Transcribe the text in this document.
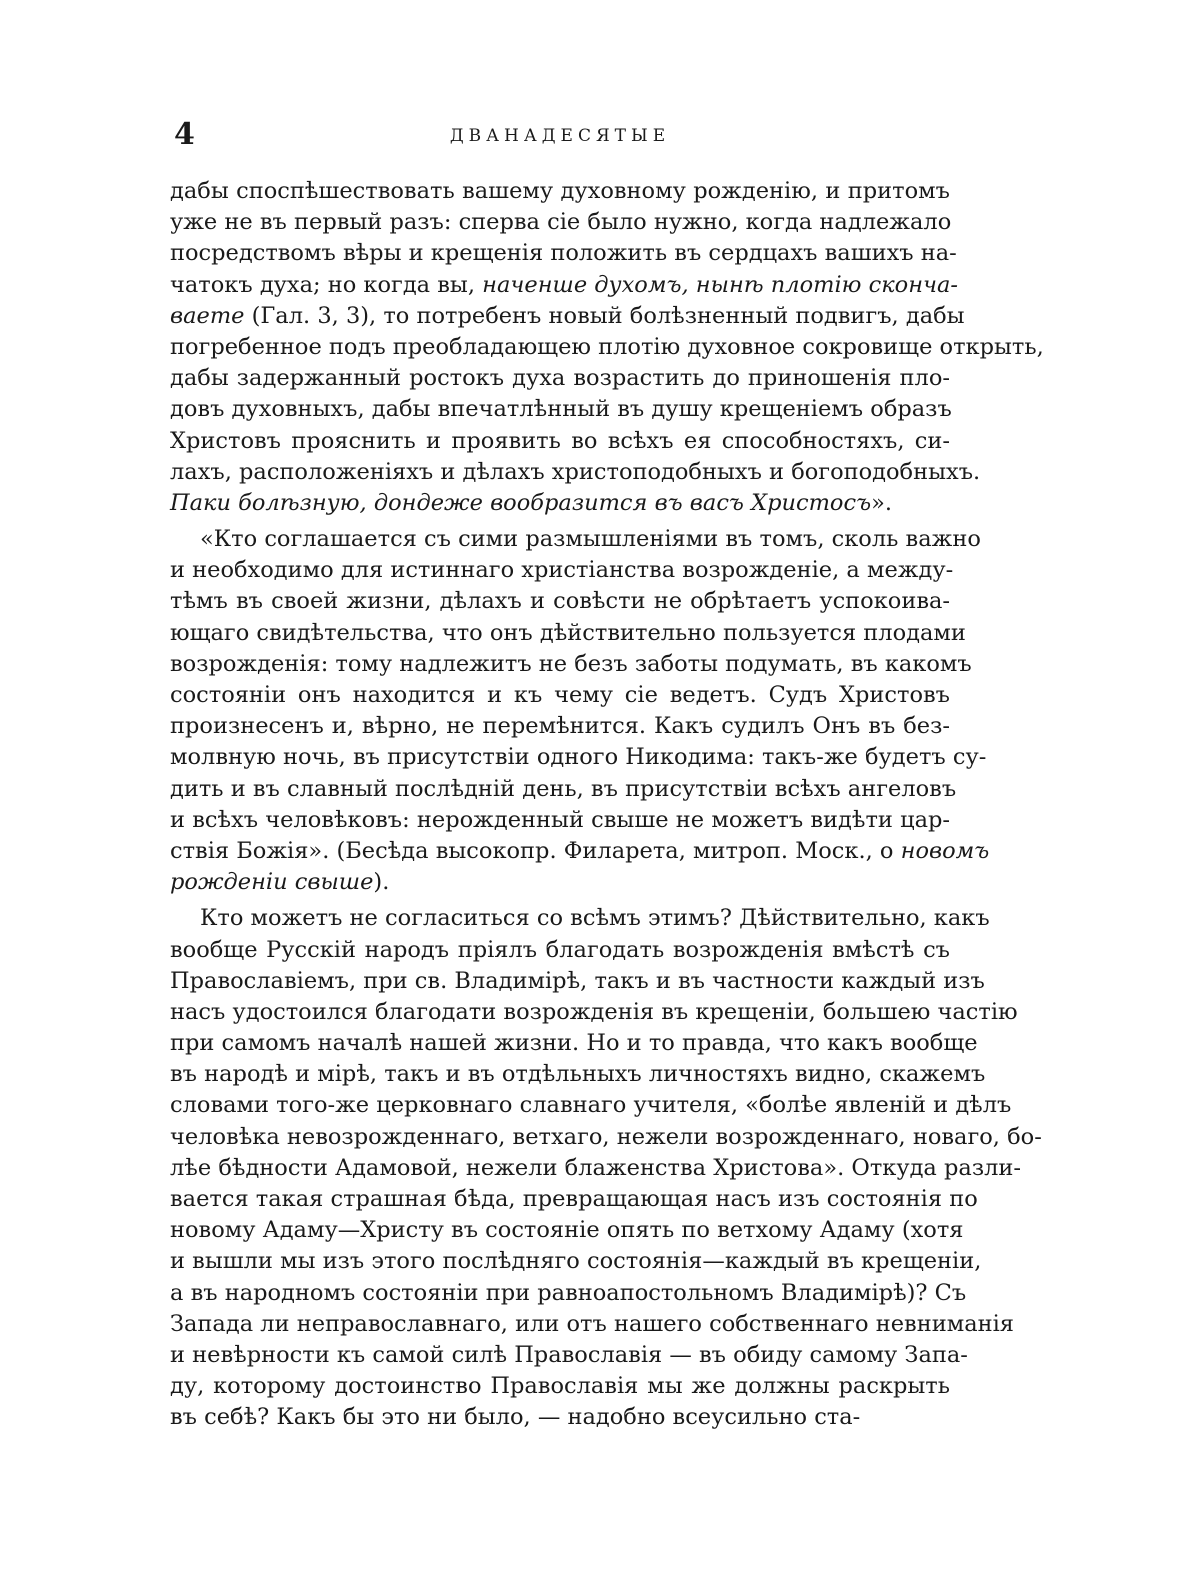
4	ДВАНАДЕСЯТЫЕ
дабы споспѣшествовать вашему духовному рожденію, и притомъ
уже не въ первый разъ: сперва сіе было нужно, когда надлежало
посредствомъ вѣры и крещенія положить въ сердцахъ вашихъ на-
чатокъ духа; но когда вы, наченше духомъ, нынѣ плотію сконча-
ваете (Гал. 3, 3), то потребенъ новый болѣзненный подвигъ, дабы
погребенное подъ преобладающею плотію духовное сокровище открыть,
дабы задержанный ростокъ духа возрастить до приношенія пло-
довъ духовныхъ, дабы впечатлѣнный въ душу крещеніемъ образъ
Христовъ прояснить и проявить во всѣхъ ея способностяхъ, си-
лахъ, расположеніяхъ и дѣлахъ христоподобныхъ и богоподобныхъ.
Паки болѣзную, дондеже вообразится въ васъ Христосъ».
«Кто соглашается съ сими размышленіями въ томъ, сколь важно
и необходимо для истиннаго христіанства возрожденіе, а между-
тѣмъ въ своей жизни, дѣлахъ и совѣсти не обрѣтаетъ успокоива-
ющаго свидѣтельства, что онъ дѣйствительно пользуется плодами
возрожденія: тому надлежитъ не безъ заботы подумать, въ какомъ
состояніи онъ находится и къ чему сіе ведетъ. Судъ Христовъ
произнесенъ и, вѣрно, не перемѣнится. Какъ судилъ Онъ въ без-
молвную ночь, въ присутствіи одного Никодима: такъ-же будетъ су-
дить и въ славный послѣдній день, въ присутствіи всѣхъ ангеловъ
и всѣхъ человѣковъ: нерожденный свыше не можетъ видѣти цар-
ствія Божія». (Бесѣда высокопр. Филарета, митроп. Моск., о новомъ
рожденіи свыше).
Кто можетъ не согласиться со всѣмъ этимъ? Дѣйствительно, какъ
вообще Русскій народъ пріялъ благодать возрожденія вмѣстѣ съ
Православіемъ, при св. Владимірѣ, такъ и въ частности каждый изъ
насъ удостоился благодати возрожденія въ крещеніи, большею частію
при самомъ началѣ нашей жизни. Но и то правда, что какъ вообще
въ народѣ и мірѣ, такъ и въ отдѣльныхъ личностяхъ видно, скажемъ
словами того-же церковнаго славнаго учителя, «болѣе явленій и дѣлъ
человѣка невозрожденнаго, ветхаго, нежели возрожденнаго, новаго, бо-
лѣе бѣдности Адамовой, нежели блаженства Христова». Откуда разли-
вается такая страшная бѣда, превращающая насъ изъ состоянія по
новому Адаму—Христу въ состояніе опять по ветхому Адаму (хотя
и вышли мы изъ этого послѣдняго состоянія—каждый въ крещеніи,
а въ народномъ состояніи при равноапостольномъ Владимірѣ)? Съ
Запада ли неправославнаго, или отъ нашего собственнаго невниманія
и невѣрности къ самой силѣ Православія — въ обиду самому Запа-
ду, которому достоинство Православія мы же должны раскрыть
въ себѣ? Какъ бы это ни было, — надобно всеусильно ста-
